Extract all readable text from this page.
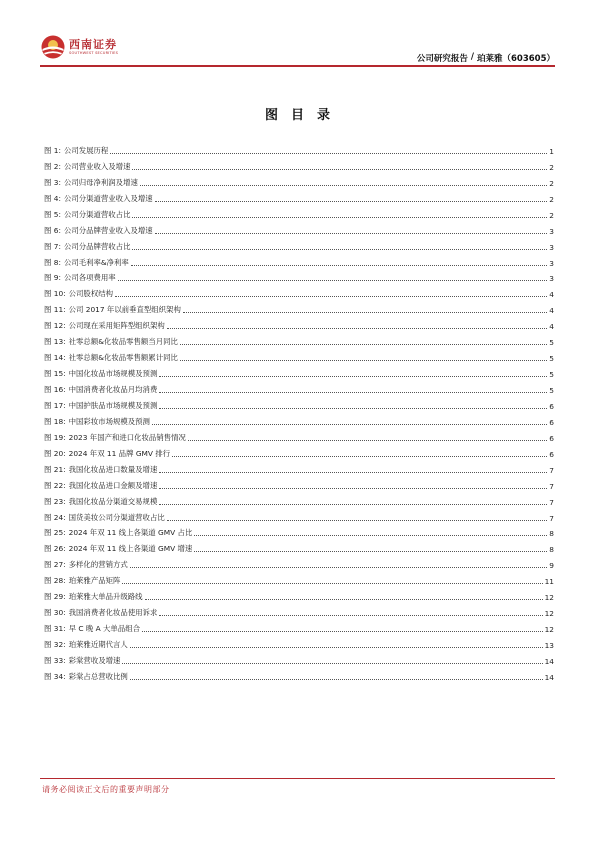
西南证券
SOUTHWEST SECURITIES
公司研究报告 / 珀莱雅（603605）
图目录
图 1: 公司发展历程	1
图 2: 公司营业收入及增速	2
图 3: 公司归母净利润及增速	2
图 4: 公司分渠道营业收入及增速	2
图 5: 公司分渠道营收占比	2
图 6: 公司分品牌营业收入及增速	3
图 7: 公司分品牌营收占比	3
图 8: 公司毛利率&净利率	3
图 9: 公司各项费用率	3
图 10: 公司股权结构	4
图 11: 公司 2017 年以前垂直型组织架构	4
图 12: 公司现在采用矩阵型组织架构	4
图 13: 社零总额&化妆品零售额当月同比	5
图 14: 社零总额&化妆品零售额累计同比	5
图 15: 中国化妆品市场规模及预测	5
图 16: 中国消费者化妆品月均消费	5
图 17: 中国护肤品市场规模及预测	6
图 18: 中国彩妆市场规模及预测	6
图 19: 2023 年国产和进口化妆品销售情况	6
图 20: 2024 年双 11 品牌 GMV 排行	6
图 21: 我国化妆品进口数量及增速	7
图 22: 我国化妆品进口金额及增速	7
图 23: 我国化妆品分渠道交易规模	7
图 24: 国货美妆公司分渠道营收占比	7
图 25: 2024 年双 11 线上各渠道 GMV 占比	8
图 26: 2024 年双 11 线上各渠道 GMV 增速	8
图 27: 多样化的营销方式	9
图 28: 珀莱雅产品矩阵	11
图 29: 珀莱雅大单品升级路线	12
图 30: 我国消费者化妆品使用诉求	12
图 31: 早 C 晚 A 大单品组合	12
图 32: 珀莱雅近期代言人	13
图 33: 彩棠营收及增速	14
图 34: 彩棠占总营收比例	14
请务必阅读正文后的重要声明部分
